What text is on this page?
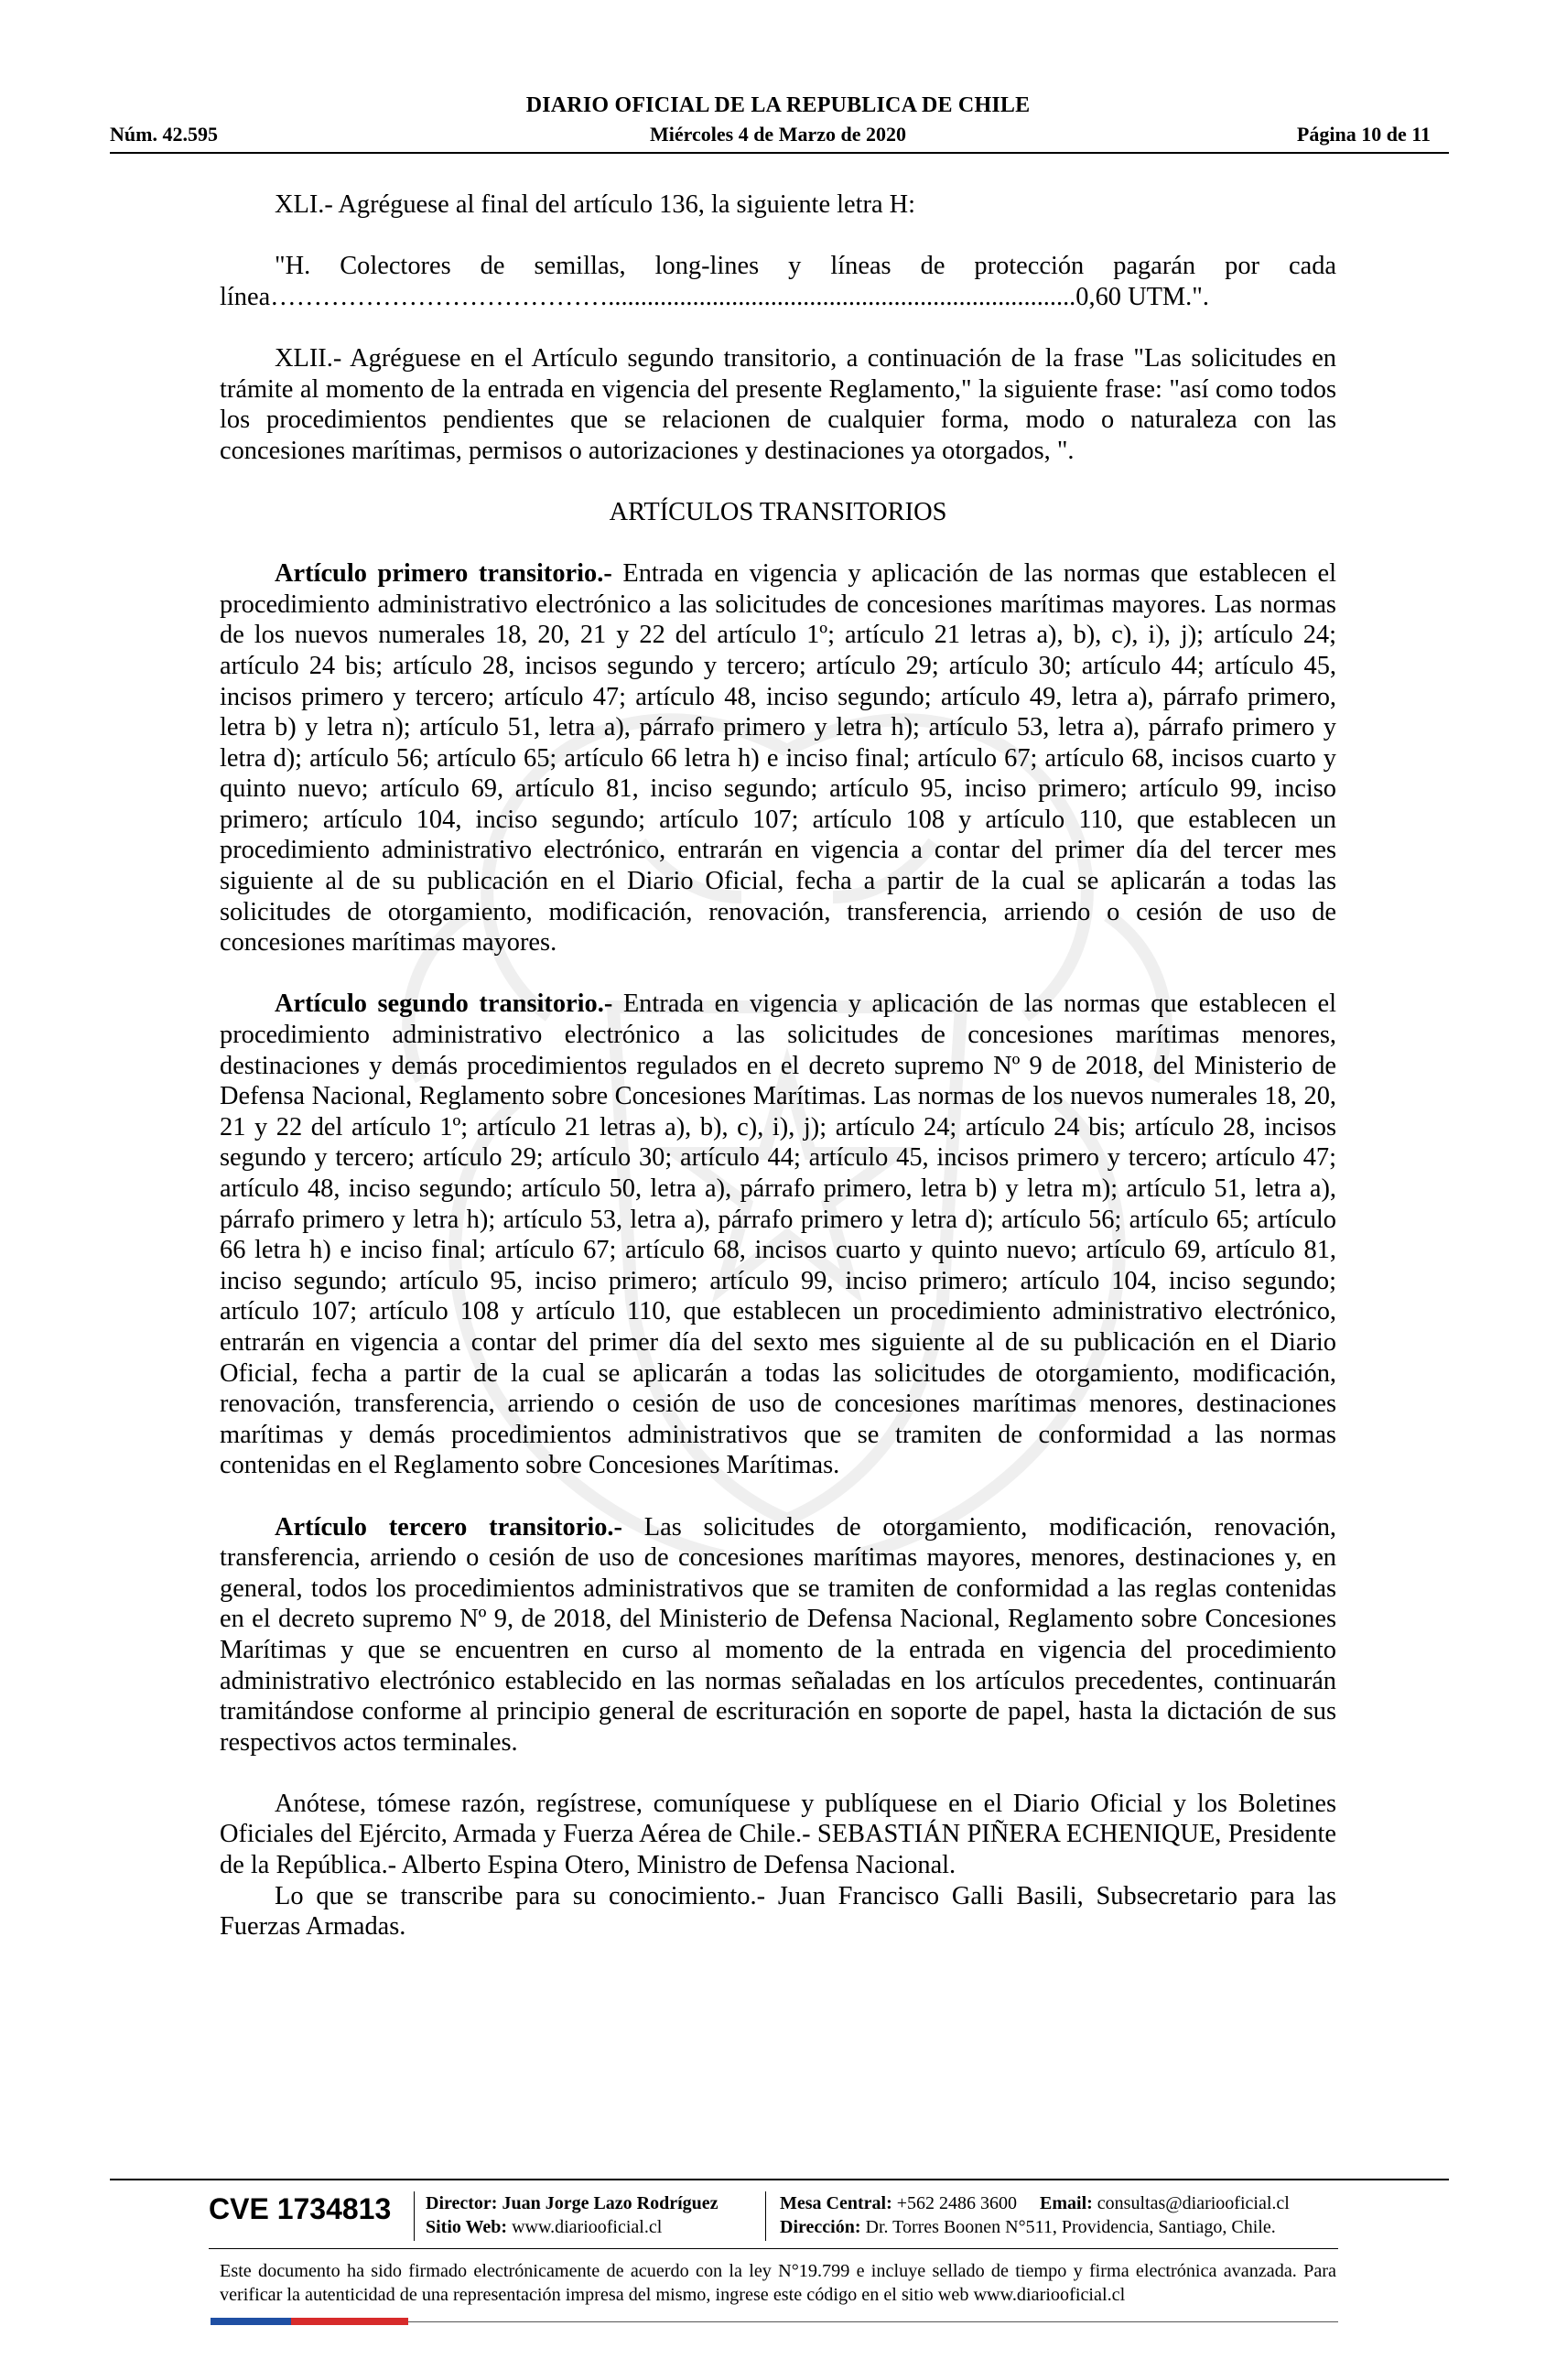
DIARIO OFICIAL DE LA REPUBLICA DE CHILE
Núm. 42.595	Miércoles 4 de Marzo de 2020	Página 10 de 11

XLI.- Agréguese al final del artículo 136, la siguiente letra H:

"H. Colectores de semillas, long-lines y líneas de protección pagarán por cada línea…………………………………........................................................................0,60 UTM.".

XLII.- Agréguese en el Artículo segundo transitorio, a continuación de la frase "Las solicitudes en trámite al momento de la entrada en vigencia del presente Reglamento," la siguiente frase: "así como todos los procedimientos pendientes que se relacionen de cualquier forma, modo o naturaleza con las concesiones marítimas, permisos o autorizaciones y destinaciones ya otorgados, ".

ARTÍCULOS TRANSITORIOS

Artículo primero transitorio.- Entrada en vigencia y aplicación de las normas que establecen el procedimiento administrativo electrónico a las solicitudes de concesiones marítimas mayores. Las normas de los nuevos numerales 18, 20, 21 y 22 del artículo 1º; artículo 21 letras a), b), c), i), j); artículo 24; artículo 24 bis; artículo 28, incisos segundo y tercero; artículo 29; artículo 30; artículo 44; artículo 45, incisos primero y tercero; artículo 47; artículo 48, inciso segundo; artículo 49, letra a), párrafo primero, letra b) y letra n); artículo 51, letra a), párrafo primero y letra h); artículo 53, letra a), párrafo primero y letra d); artículo 56; artículo 65; artículo 66 letra h) e inciso final; artículo 67; artículo 68, incisos cuarto y quinto nuevo; artículo 69, artículo 81, inciso segundo; artículo 95, inciso primero; artículo 99, inciso primero; artículo 104, inciso segundo; artículo 107; artículo 108 y artículo 110, que establecen un procedimiento administrativo electrónico, entrarán en vigencia a contar del primer día del tercer mes siguiente al de su publicación en el Diario Oficial, fecha a partir de la cual se aplicarán a todas las solicitudes de otorgamiento, modificación, renovación, transferencia, arriendo o cesión de uso de concesiones marítimas mayores.

Artículo segundo transitorio.- Entrada en vigencia y aplicación de las normas que establecen el procedimiento administrativo electrónico a las solicitudes de concesiones marítimas menores, destinaciones y demás procedimientos regulados en el decreto supremo Nº 9 de 2018, del Ministerio de Defensa Nacional, Reglamento sobre Concesiones Marítimas. Las normas de los nuevos numerales 18, 20, 21 y 22 del artículo 1º; artículo 21 letras a), b), c), i), j); artículo 24; artículo 24 bis; artículo 28, incisos segundo y tercero; artículo 29; artículo 30; artículo 44; artículo 45, incisos primero y tercero; artículo 47; artículo 48, inciso segundo; artículo 50, letra a), párrafo primero, letra b) y letra m); artículo 51, letra a), párrafo primero y letra h); artículo 53, letra a), párrafo primero y letra d); artículo 56; artículo 65; artículo 66 letra h) e inciso final; artículo 67; artículo 68, incisos cuarto y quinto nuevo; artículo 69, artículo 81, inciso segundo; artículo 95, inciso primero; artículo 99, inciso primero; artículo 104, inciso segundo; artículo 107; artículo 108 y artículo 110, que establecen un procedimiento administrativo electrónico, entrarán en vigencia a contar del primer día del sexto mes siguiente al de su publicación en el Diario Oficial, fecha a partir de la cual se aplicarán a todas las solicitudes de otorgamiento, modificación, renovación, transferencia, arriendo o cesión de uso de concesiones marítimas menores, destinaciones marítimas y demás procedimientos administrativos que se tramiten de conformidad a las normas contenidas en el Reglamento sobre Concesiones Marítimas.

Artículo tercero transitorio.- Las solicitudes de otorgamiento, modificación, renovación, transferencia, arriendo o cesión de uso de concesiones marítimas mayores, menores, destinaciones y, en general, todos los procedimientos administrativos que se tramiten de conformidad a las reglas contenidas en el decreto supremo Nº 9, de 2018, del Ministerio de Defensa Nacional, Reglamento sobre Concesiones Marítimas y que se encuentren en curso al momento de la entrada en vigencia del procedimiento administrativo electrónico establecido en las normas señaladas en los artículos precedentes, continuarán tramitándose conforme al principio general de escrituración en soporte de papel, hasta la dictación de sus respectivos actos terminales.

Anótese, tómese razón, regístrese, comuníquese y publíquese en el Diario Oficial y los Boletines Oficiales del Ejército, Armada y Fuerza Aérea de Chile.- SEBASTIÁN PIÑERA ECHENIQUE, Presidente de la República.- Alberto Espina Otero, Ministro de Defensa Nacional.

Lo que se transcribe para su conocimiento.- Juan Francisco Galli Basili, Subsecretario para las Fuerzas Armadas.

CVE 1734813 Director: Juan Jorge Lazo Rodríguez
Sitio Web: www.diariooficial.cl
Mesa Central: +562 2486 3600 Email: consultas@diariooficial.cl
Dirección: Dr. Torres Boonen N°511, Providencia, Santiago, Chile.
Este documento ha sido firmado electrónicamente de acuerdo con la ley N°19.799 e incluye sellado de tiempo y firma electrónica avanzada. Para verificar la autenticidad de una representación impresa del mismo, ingrese este código en el sitio web www.diariooficial.cl
